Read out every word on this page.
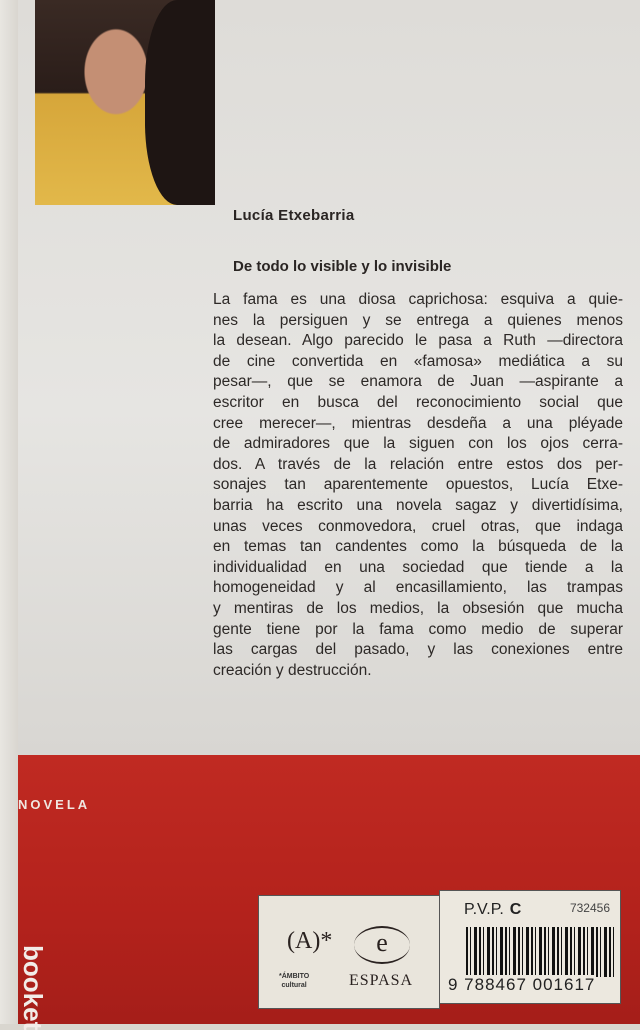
Lucía Etxebarria
De todo lo visible y lo invisible
La fama es una diosa caprichosa: esquiva a quie-
nes la persiguen y se entrega a quienes menos
la desean. Algo parecido le pasa a Ruth —directora
de cine convertida en «famosa» mediática a su
pesar—, que se enamora de Juan —aspirante a
escritor en busca del reconocimiento social que
cree merecer—, mientras desdeña a una pléyade
de admiradores que la siguen con los ojos cerra-
dos. A través de la relación entre estos dos per-
sonajes tan aparentemente opuestos, Lucía Etxe-
barria ha escrito una novela sagaz y divertidísima,
unas veces conmovedora, cruel otras, que indaga
en temas tan candentes como la búsqueda de la
individualidad en una sociedad que tiende a la
homogeneidad y al encasillamiento, las trampas
y mentiras de los medios, la obsesión que mucha
gente tiene por la fama como medio de superar
las cargas del pasado, y las conexiones entre
creación y destrucción.
NOVELA
booket
(A)*
*ÁMBITO
cultural
e
ESPASA
P.V.P. C	732456
9 788467 001617
